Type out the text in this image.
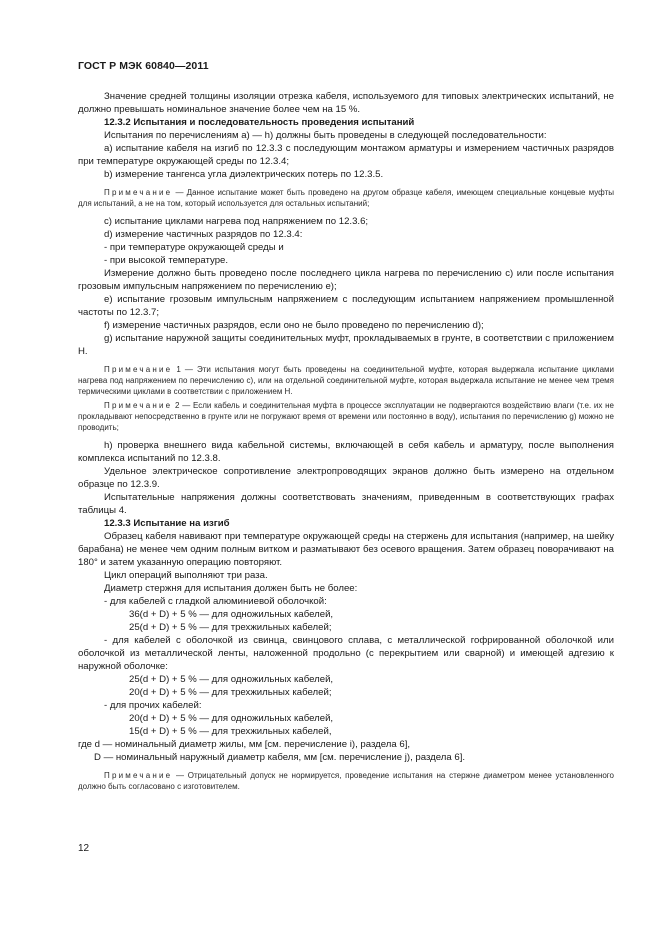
ГОСТ Р МЭК 60840—2011

Значение средней толщины изоляции отрезка кабеля, используемого для типовых электрических испытаний, не должно превышать номинальное значение более чем на 15 %.

12.3.2 Испытания и последовательность проведения испытаний

Испытания по перечислениям а) — h) должны быть проведены в следующей последовательности:

a) испытание кабеля на изгиб по 12.3.3 с последующим монтажом арматуры и измерением частичных разрядов при температуре окружающей среды по 12.3.4;

b) измерение тангенса угла диэлектрических потерь по 12.3.5.

Примечание — Данное испытание может быть проведено на другом образце кабеля, имеющем специальные концевые муфты для испытаний, а не на том, который используется для остальных испытаний;

c) испытание циклами нагрева под напряжением по 12.3.6;

d) измерение частичных разрядов по 12.3.4:

- при температуре окружающей среды и

- при высокой температуре.

Измерение должно быть проведено после последнего цикла нагрева по перечислению с) или после испытания грозовым импульсным напряжением по перечислению е);

е) испытание грозовым импульсным напряжением с последующим испытанием напряжением промышленной частоты по 12.3.7;

f) измерение частичных разрядов, если оно не было проведено по перечислению d);

g) испытание наружной защиты соединительных муфт, прокладываемых в грунте, в соответствии с приложением Н.

Примечание 1 — Эти испытания могут быть проведены на соединительной муфте, которая выдержала испытание циклами нагрева под напряжением по перечислению с), или на отдельной соединительной муфте, которая выдержала испытание не менее чем тремя термическими циклами в соответствии с приложением Н.

Примечание 2 — Если кабель и соединительная муфта в процессе эксплуатации не подвергаются воздействию влаги (т.е. их не прокладывают непосредственно в грунте или не погружают время от времени или постоянно в воду), испытания по перечислению g) можно не проводить;

h) проверка внешнего вида кабельной системы, включающей в себя кабель и арматуру, после выполнения комплекса испытаний по 12.3.8.

Удельное электрическое сопротивление электропроводящих экранов должно быть измерено на отдельном образце по 12.3.9.

Испытательные напряжения должны соответствовать значениям, приведенным в соответствующих графах таблицы 4.

12.3.3 Испытание на изгиб

Образец кабеля навивают при температуре окружающей среды на стержень для испытания (например, на шейку барабана) не менее чем одним полным витком и разматывают без осевого вращения. Затем образец поворачивают на 180° и затем указанную операцию повторяют.

Цикл операций выполняют три раза.

Диаметр стержня для испытания должен быть не более:

- для кабелей с гладкой алюминиевой оболочкой:

36(d + D) + 5 % — для одножильных кабелей,

25(d + D) + 5 % — для трехжильных кабелей;

- для кабелей с оболочкой из свинца, свинцового сплава, с металлической гофрированной оболочкой или оболочкой из металлической ленты, наложенной продольно (с перекрытием или сварной) и имеющей адгезию к наружной оболочке:

25(d + D) + 5 % — для одножильных кабелей,

20(d + D) + 5 % — для трехжильных кабелей;

- для прочих кабелей:

20(d + D) + 5 % — для одножильных кабелей,

15(d + D) + 5 % — для трехжильных кабелей,

где d — номинальный диаметр жилы, мм [см. перечисление i), раздела 6],

D — номинальный наружный диаметр кабеля, мм [см. перечисление j), раздела 6].

Примечание — Отрицательный допуск не нормируется, проведение испытания на стержне диаметром менее установленного должно быть согласовано с изготовителем.

12
